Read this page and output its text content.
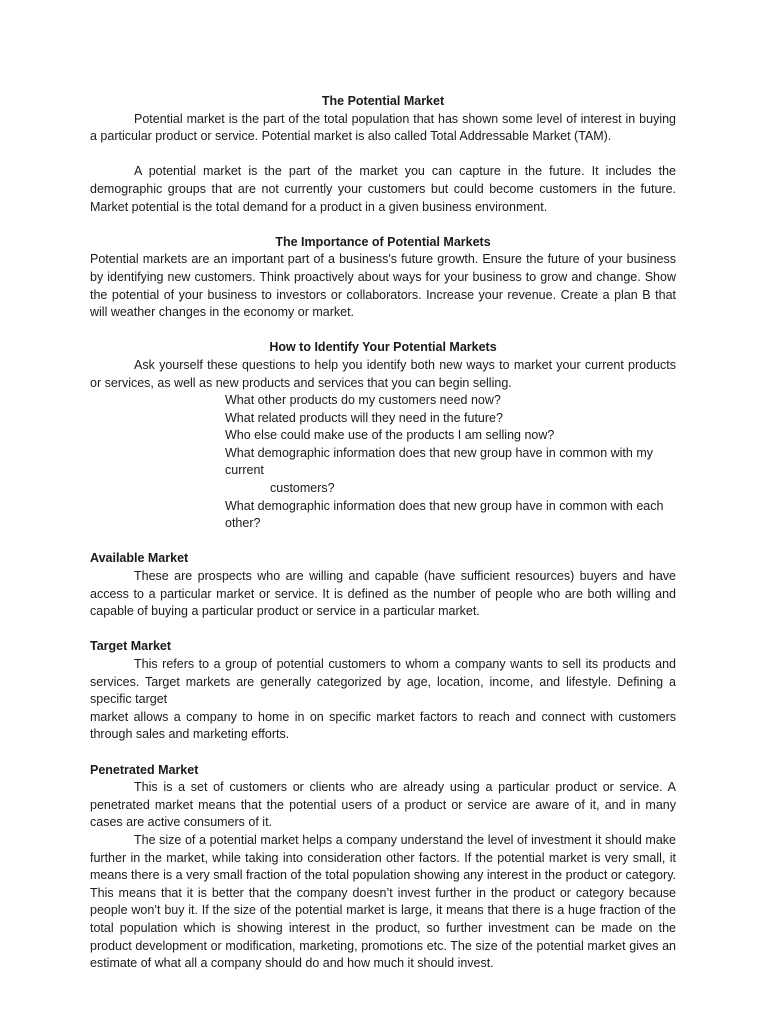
The Potential Market

Potential market is the part of the total population that has shown some level of interest in buying a particular product or service. Potential market is also called Total Addressable Market (TAM).

A potential market is the part of the market you can capture in the future. It includes the demographic groups that are not currently your customers but could become customers in the future. Market potential is the total demand for a product in a given business environment.

The Importance of Potential Markets

Potential markets are an important part of a business's future growth. Ensure the future of your business by identifying new customers. Think proactively about ways for your business to grow and change. Show the potential of your business to investors or collaborators. Increase your revenue. Create a plan B that will weather changes in the economy or market.

How to Identify Your Potential Markets

Ask yourself these questions to help you identify both new ways to market your current products or services, as well as new products and services that you can begin selling.

What other products do my customers need now?
What related products will they need in the future?
Who else could make use of the products I am selling now?
What demographic information does that new group have in common with my current
customers?
What demographic information does that new group have in common with each other?

Available Market

These are prospects who are willing and capable (have sufficient resources) buyers and have access to a particular market or service. It is defined as the number of people who are both willing and capable of buying a particular product or service in a particular market.

Target Market

This refers to a group of potential customers to whom a company wants to sell its products and services. Target markets are generally categorized by age, location, income, and lifestyle. Defining a specific target

market allows a company to home in on specific market factors to reach and connect with customers through sales and marketing efforts.

Penetrated Market

This is a set of customers or clients who are already using a particular product or service. A penetrated market means that the potential users of a product or service are aware of it, and in many cases are active consumers of it.

The size of a potential market helps a company understand the level of investment it should make further in the market, while taking into consideration other factors. If the potential market is very small, it means there is a very small fraction of the total population showing any interest in the product or category. This means that it is better that the company doesn’t invest further in the product or category because people won’t buy it. If the size of the potential market is large, it means that there is a huge fraction of the total population which is showing interest in the product, so further investment can be made on the product development or modification, marketing, promotions etc. The size of the potential market gives an estimate of what all a company should do and how much it should invest.
